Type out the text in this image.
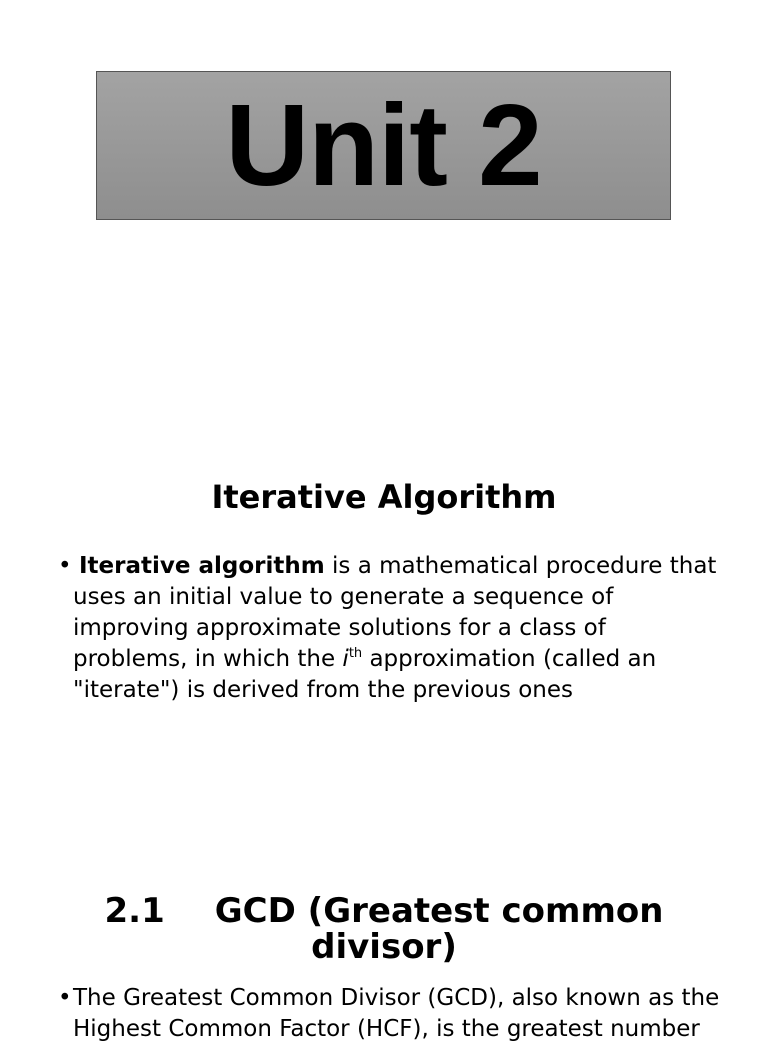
Unit 2
Iterative Algorithm
• Iterative algorithm is a mathematical procedure that
uses an initial value to generate a sequence of
improving approximate solutions for a class of
problems, in which the $i^{th}$ approximation (called an
"iterate") is derived from the previous ones
2.1 GCD (Greatest common
divisor)
• The Greatest Common Divisor (GCD), also known as the
Highest Common Factor (HCF), is the greatest number
